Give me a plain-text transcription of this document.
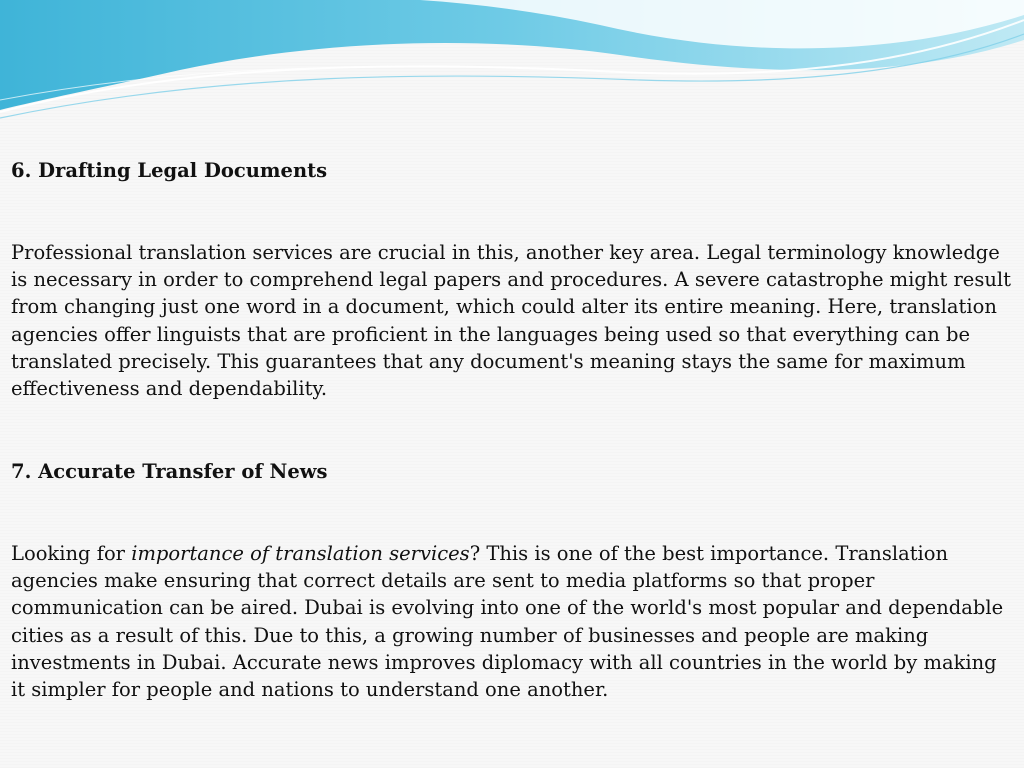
6. Drafting Legal Documents

Professional translation services are crucial in this, another key area. Legal terminology knowledge is necessary in order to comprehend legal papers and procedures. A severe catastrophe might result from changing just one word in a document, which could alter its entire meaning. Here, translation agencies offer linguists that are proficient in the languages being used so that everything can be translated precisely. This guarantees that any document's meaning stays the same for maximum effectiveness and dependability.

7. Accurate Transfer of News

Looking for importance of translation services? This is one of the best importance. Translation agencies make ensuring that correct details are sent to media platforms so that proper communication can be aired. Dubai is evolving into one of the world's most popular and dependable cities as a result of this. Due to this, a growing number of businesses and people are making investments in Dubai. Accurate news improves diplomacy with all countries in the world by making it simpler for people and nations to understand one another.
